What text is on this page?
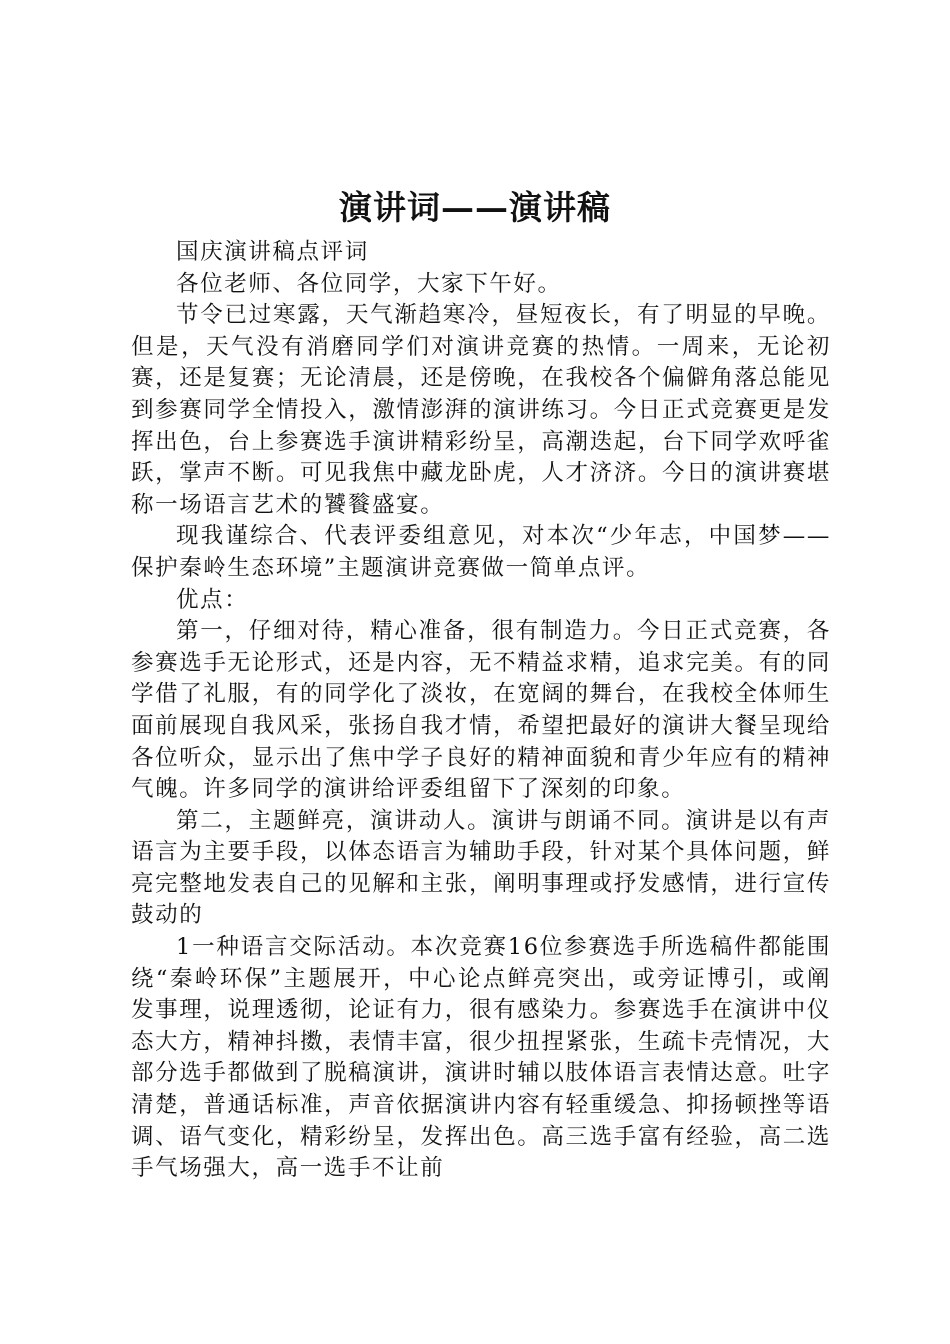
演讲词——演讲稿

国庆演讲稿点评词

各位老师、各位同学，大家下午好。

节令已过寒露，天气渐趋寒冷，昼短夜长，有了明显的早晚。但是，天气没有消磨同学们对演讲竞赛的热情。一周来，无论初赛，还是复赛；无论清晨，还是傍晚，在我校各个偏僻角落总能见到参赛同学全情投入，激情澎湃的演讲练习。今日正式竞赛更是发挥出色，台上参赛选手演讲精彩纷呈，高潮迭起，台下同学欢呼雀跃，掌声不断。可见我焦中藏龙卧虎，人才济济。今日的演讲赛堪称一场语言艺术的饕餮盛宴。

现我谨综合、代表评委组意见，对本次“少年志，中国梦——保护秦岭生态环境”主题演讲竞赛做一简单点评。

优点：

第一，仔细对待，精心准备，很有制造力。今日正式竞赛，各参赛选手无论形式，还是内容，无不精益求精，追求完美。有的同学借了礼服，有的同学化了淡妆，在宽阔的舞台，在我校全体师生面前展现自我风采，张扬自我才情，希望把最好的演讲大餐呈现给各位听众，显示出了焦中学子良好的精神面貌和青少年应有的精神气魄。许多同学的演讲给评委组留下了深刻的印象。

第二，主题鲜亮，演讲动人。演讲与朗诵不同。演讲是以有声语言为主要手段，以体态语言为辅助手段，针对某个具体问题，鲜亮完整地发表自己的见解和主张，阐明事理或抒发感情，进行宣传鼓动的

1一种语言交际活动。本次竞赛16位参赛选手所选稿件都能围绕“秦岭环保”主题展开，中心论点鲜亮突出，或旁证博引，或阐发事理，说理透彻，论证有力，很有感染力。参赛选手在演讲中仪态大方，精神抖擞，表情丰富，很少扭捏紧张，生疏卡壳情况，大部分选手都做到了脱稿演讲，演讲时辅以肢体语言表情达意。吐字清楚，普通话标准，声音依据演讲内容有轻重缓急、抑扬顿挫等语调、语气变化，精彩纷呈，发挥出色。高三选手富有经验，高二选手气场强大，高一选手不让前
